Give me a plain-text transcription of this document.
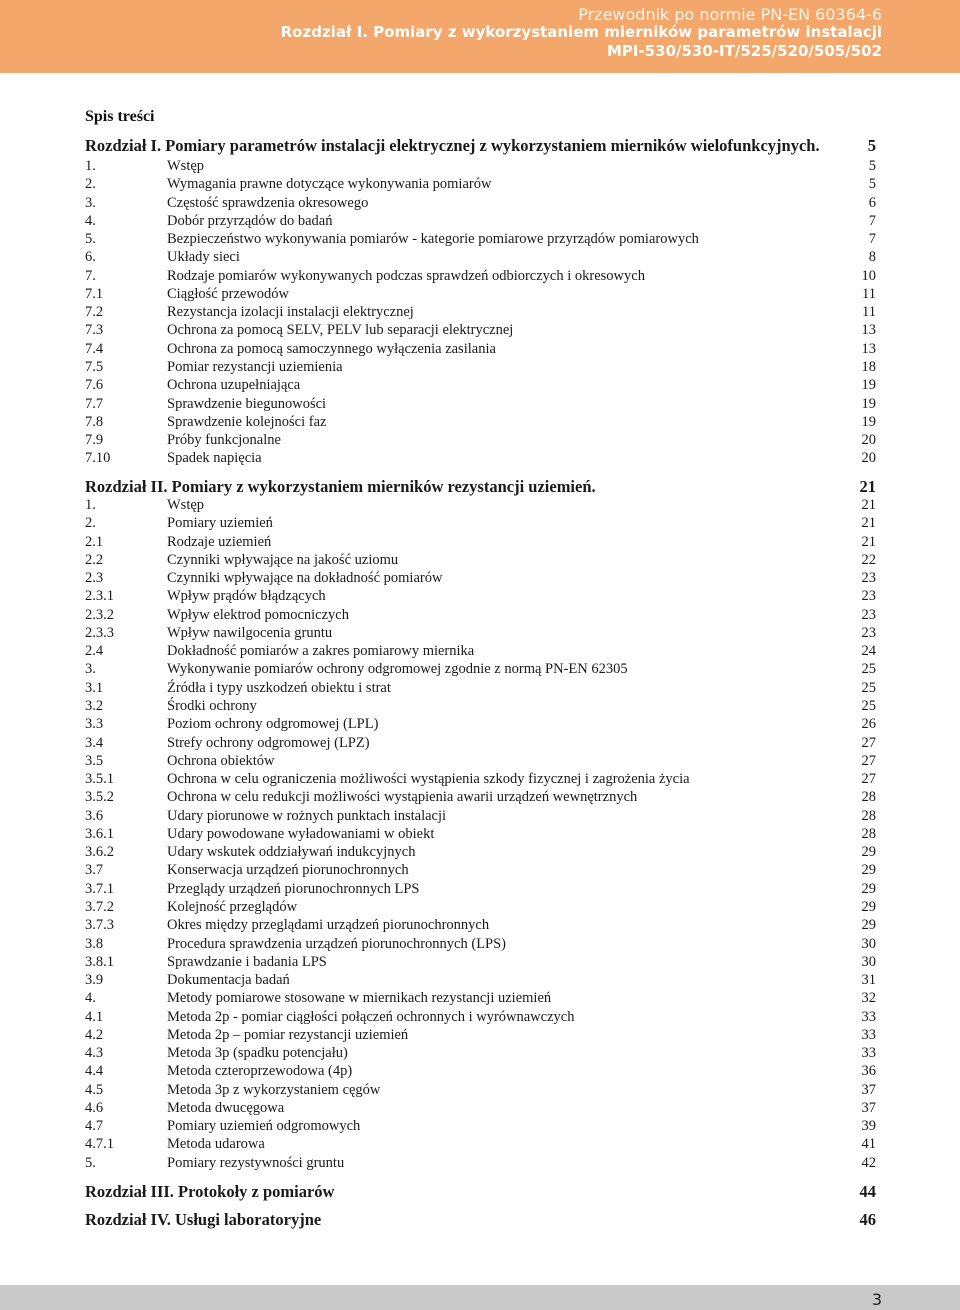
Przewodnik po normie PN-EN 60364-6
Rozdział I. Pomiary z wykorzystaniem mierników parametrów instalacji
MPI-530/530-IT/525/520/505/502
Spis treści
Rozdział I. Pomiary parametrów instalacji elektrycznej z wykorzystaniem mierników wielofunkcyjnych.	5
1.	Wstęp	5
2.	Wymagania prawne dotyczące wykonywania pomiarów	5
3.	Częstość sprawdzenia okresowego	6
4.	Dobór przyrządów do badań	7
5.	Bezpieczeństwo wykonywania pomiarów - kategorie pomiarowe przyrządów pomiarowych	7
6.	Układy sieci	8
7.	Rodzaje pomiarów wykonywanych podczas sprawdzeń odbiorczych i okresowych	10
7.1	Ciągłość przewodów	11
7.2	Rezystancja izolacji instalacji elektrycznej	11
7.3	Ochrona za pomocą SELV, PELV lub separacji elektrycznej	13
7.4	Ochrona za pomocą samoczynnego wyłączenia zasilania	13
7.5	Pomiar rezystancji uziemienia	18
7.6	Ochrona uzupełniająca	19
7.7	Sprawdzenie biegunowości	19
7.8	Sprawdzenie kolejności faz	19
7.9	Próby funkcjonalne	20
7.10	Spadek napięcia	20
Rozdział II. Pomiary z wykorzystaniem mierników rezystancji uziemień.	21
1.	Wstęp	21
2.	Pomiary uziemień	21
2.1	Rodzaje uziemień	21
2.2	Czynniki wpływające na jakość uziomu	22
2.3	Czynniki wpływające na dokładność pomiarów	23
2.3.1	Wpływ prądów błądzących	23
2.3.2	Wpływ elektrod pomocniczych	23
2.3.3	Wpływ nawilgocenia gruntu	23
2.4	Dokładność pomiarów a zakres pomiarowy miernika	24
3.	Wykonywanie pomiarów ochrony odgromowej zgodnie z normą PN-EN 62305	25
3.1	Źródła i typy uszkodzeń obiektu i strat	25
3.2	Środki ochrony	25
3.3	Poziom ochrony odgromowej (LPL)	26
3.4	Strefy ochrony odgromowej (LPZ)	27
3.5	Ochrona obiektów	27
3.5.1	Ochrona w celu ograniczenia możliwości wystąpienia szkody fizycznej i zagrożenia życia	27
3.5.2	Ochrona w celu redukcji możliwości wystąpienia awarii urządzeń wewnętrznych	28
3.6	Udary piorunowe w rożnych punktach instalacji	28
3.6.1	Udary powodowane wyładowaniami w obiekt	28
3.6.2	Udary wskutek oddziaływań indukcyjnych	29
3.7	Konserwacja urządzeń piorunochronnych	29
3.7.1	Przeglądy urządzeń piorunochronnych LPS	29
3.7.2	Kolejność przeglądów	29
3.7.3	Okres między przeglądami urządzeń piorunochronnych	29
3.8	Procedura sprawdzenia urządzeń piorunochronnych (LPS)	30
3.8.1	Sprawdzanie i badania LPS	30
3.9	Dokumentacja badań	31
4.	Metody pomiarowe stosowane w miernikach rezystancji uziemień	32
4.1	Metoda 2p - pomiar ciągłości połączeń ochronnych i wyrównawczych	33
4.2	Metoda 2p – pomiar rezystancji uziemień	33
4.3	Metoda 3p (spadku potencjału)	33
4.4	Metoda czteroprzewodowa (4p)	36
4.5	Metoda 3p z wykorzystaniem cęgów	37
4.6	Metoda dwucęgowa	37
4.7	Pomiary uziemień odgromowych	39
4.7.1	Metoda udarowa	41
5.	Pomiary rezystywności gruntu	42
Rozdział III. Protokoły z pomiarów	44
Rozdział IV. Usługi laboratoryjne	46
3
